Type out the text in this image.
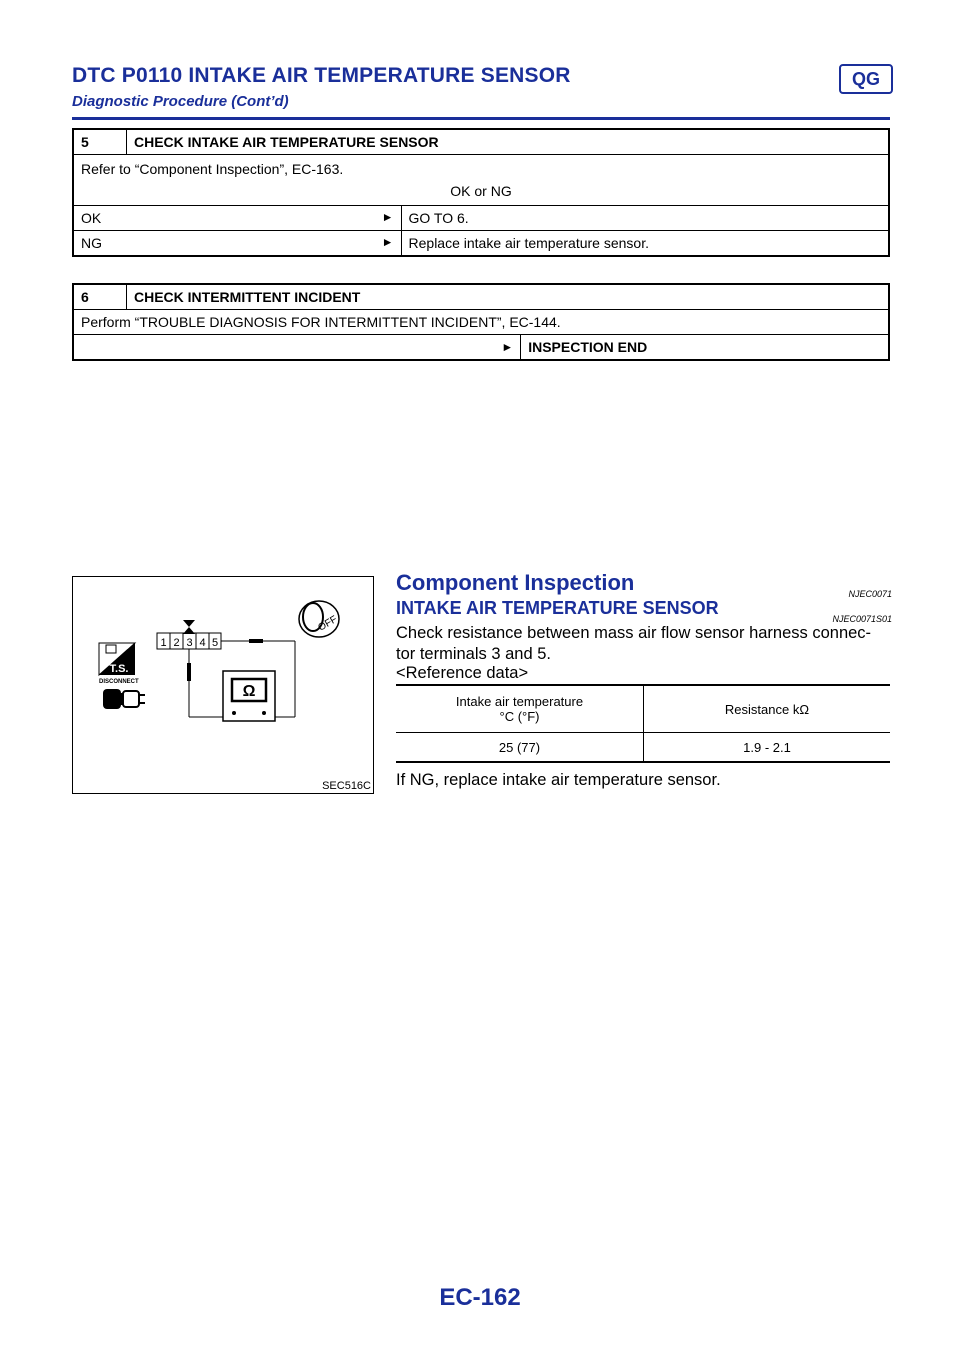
DTC P0110 INTAKE AIR TEMPERATURE SENSOR
Diagnostic Procedure (Cont’d)
QG
5	CHECK INTAKE AIR TEMPERATURE SENSOR	

Refer to “Component Inspection”, EC-163.
OK or NG		

OK ►		GO TO 6.
NG ►		Replace intake air temperature sensor.
6	CHECK INTERMITTENT INCIDENT	
Perform “TROUBLE DIAGNOSIS FOR INTERMITTENT INCIDENT”, EC-144.		

►		INSPECTION END
T.S.
DISCONNECT
1 2 3 4 5
Ω
OFF
SEC516C
Component Inspection	NJEC0071
INTAKE AIR TEMPERATURE SENSOR
NJEC0071S01
Check resistance between mass air flow sensor harness connec-tor terminals 3 and 5.
<Reference data>
Intake air temperature
°C (°F)	Resistance kΩ
25 (77)	1.9 - 2.1
If NG, replace intake air temperature sensor.
EC-162
